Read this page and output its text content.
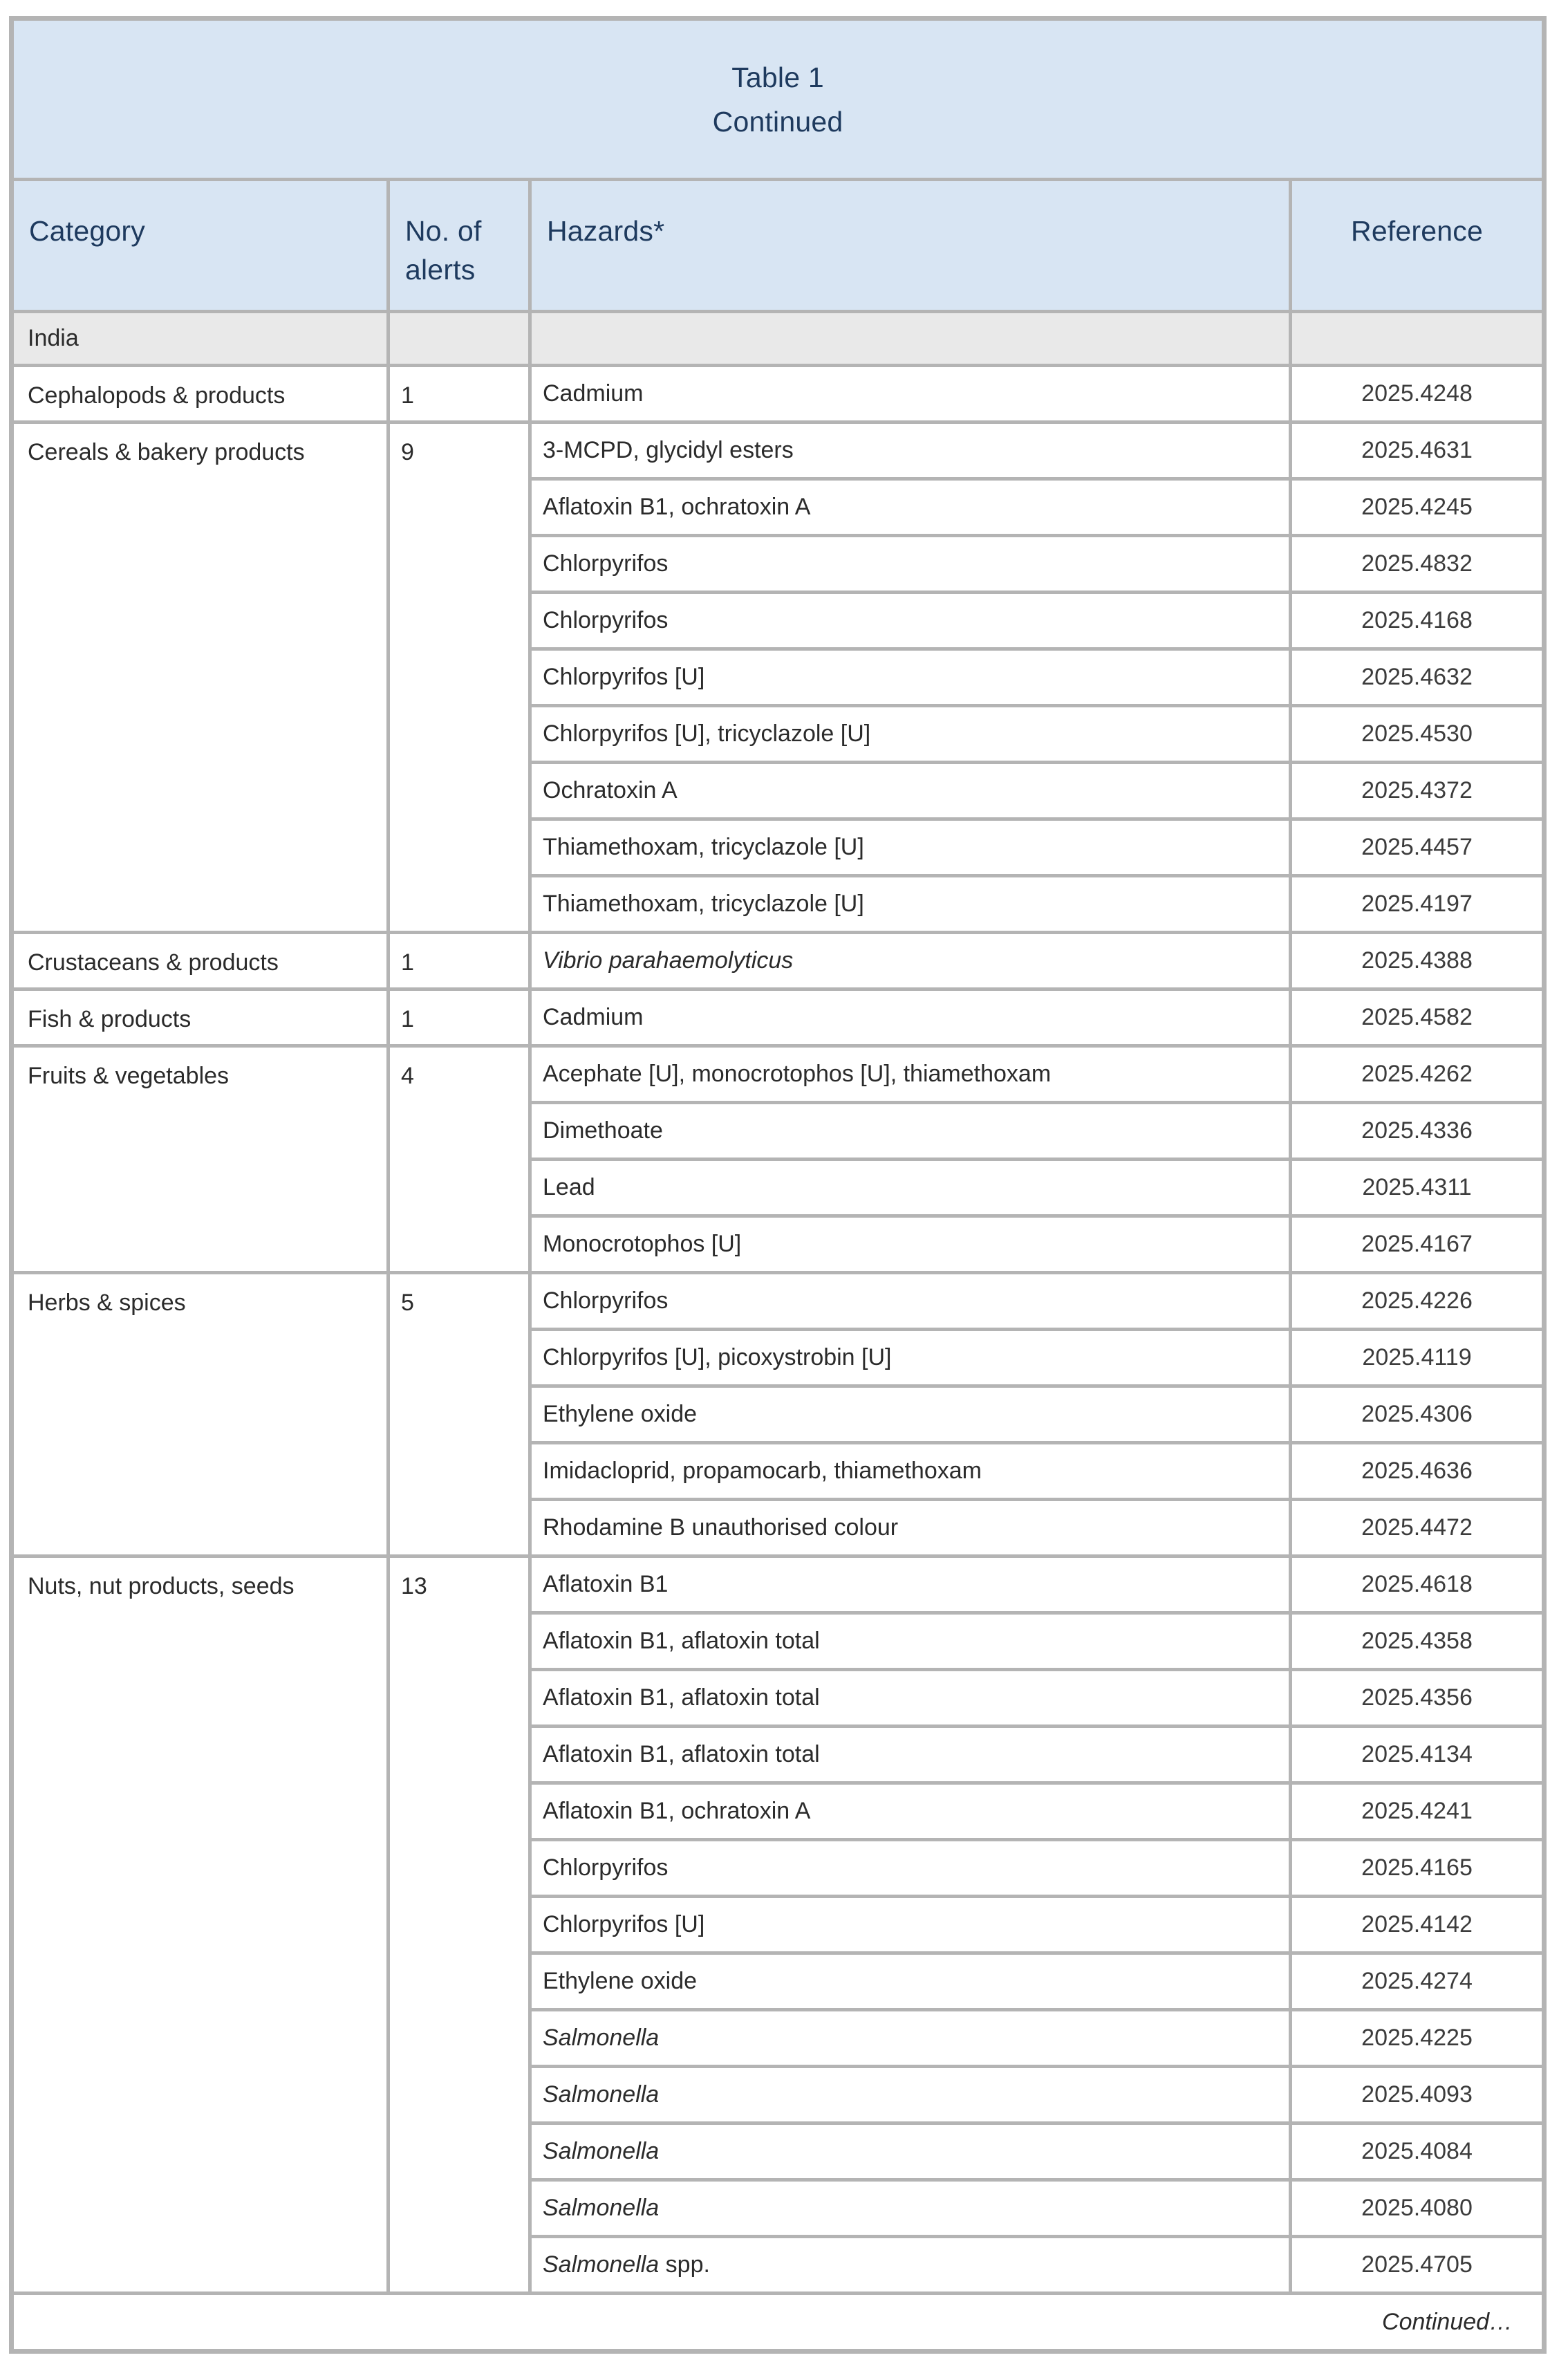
Table 1
Continued			

Category	No. of alerts	Hazards*	Reference
India			
Cephalopods & products	1	Cadmium	2025.4248
Cereals & bakery products	9	3-MCPD, glycidyl esters	2025.4631
		Aflatoxin B1, ochratoxin A	2025.4245
		Chlorpyrifos	2025.4832
		Chlorpyrifos	2025.4168
		Chlorpyrifos [U]	2025.4632
		Chlorpyrifos [U], tricyclazole [U]	2025.4530
		Ochratoxin A	2025.4372
		Thiamethoxam, tricyclazole [U]	2025.4457
		Thiamethoxam, tricyclazole [U]	2025.4197
Crustaceans & products	1	Vibrio parahaemolyticus	2025.4388
Fish & products	1	Cadmium	2025.4582
Fruits & vegetables	4	Acephate [U], monocrotophos [U], thiamethoxam	2025.4262
		Dimethoate	2025.4336
		Lead	2025.4311
		Monocrotophos [U]	2025.4167
Herbs & spices	5	Chlorpyrifos	2025.4226
		Chlorpyrifos [U], picoxystrobin [U]	2025.4119
		Ethylene oxide	2025.4306
		Imidacloprid, propamocarb, thiamethoxam	2025.4636
		Rhodamine B unauthorised colour	2025.4472
Nuts, nut products, seeds	13	Aflatoxin B1	2025.4618
		Aflatoxin B1, aflatoxin total	2025.4358
		Aflatoxin B1, aflatoxin total	2025.4356
		Aflatoxin B1, aflatoxin total	2025.4134
		Aflatoxin B1, ochratoxin A	2025.4241
		Chlorpyrifos	2025.4165
		Chlorpyrifos [U]	2025.4142
		Ethylene oxide	2025.4274
		Salmonella	2025.4225
		Salmonella	2025.4093
		Salmonella	2025.4084
		Salmonella	2025.4080
		Salmonella spp.	2025.4705
Continued…			
